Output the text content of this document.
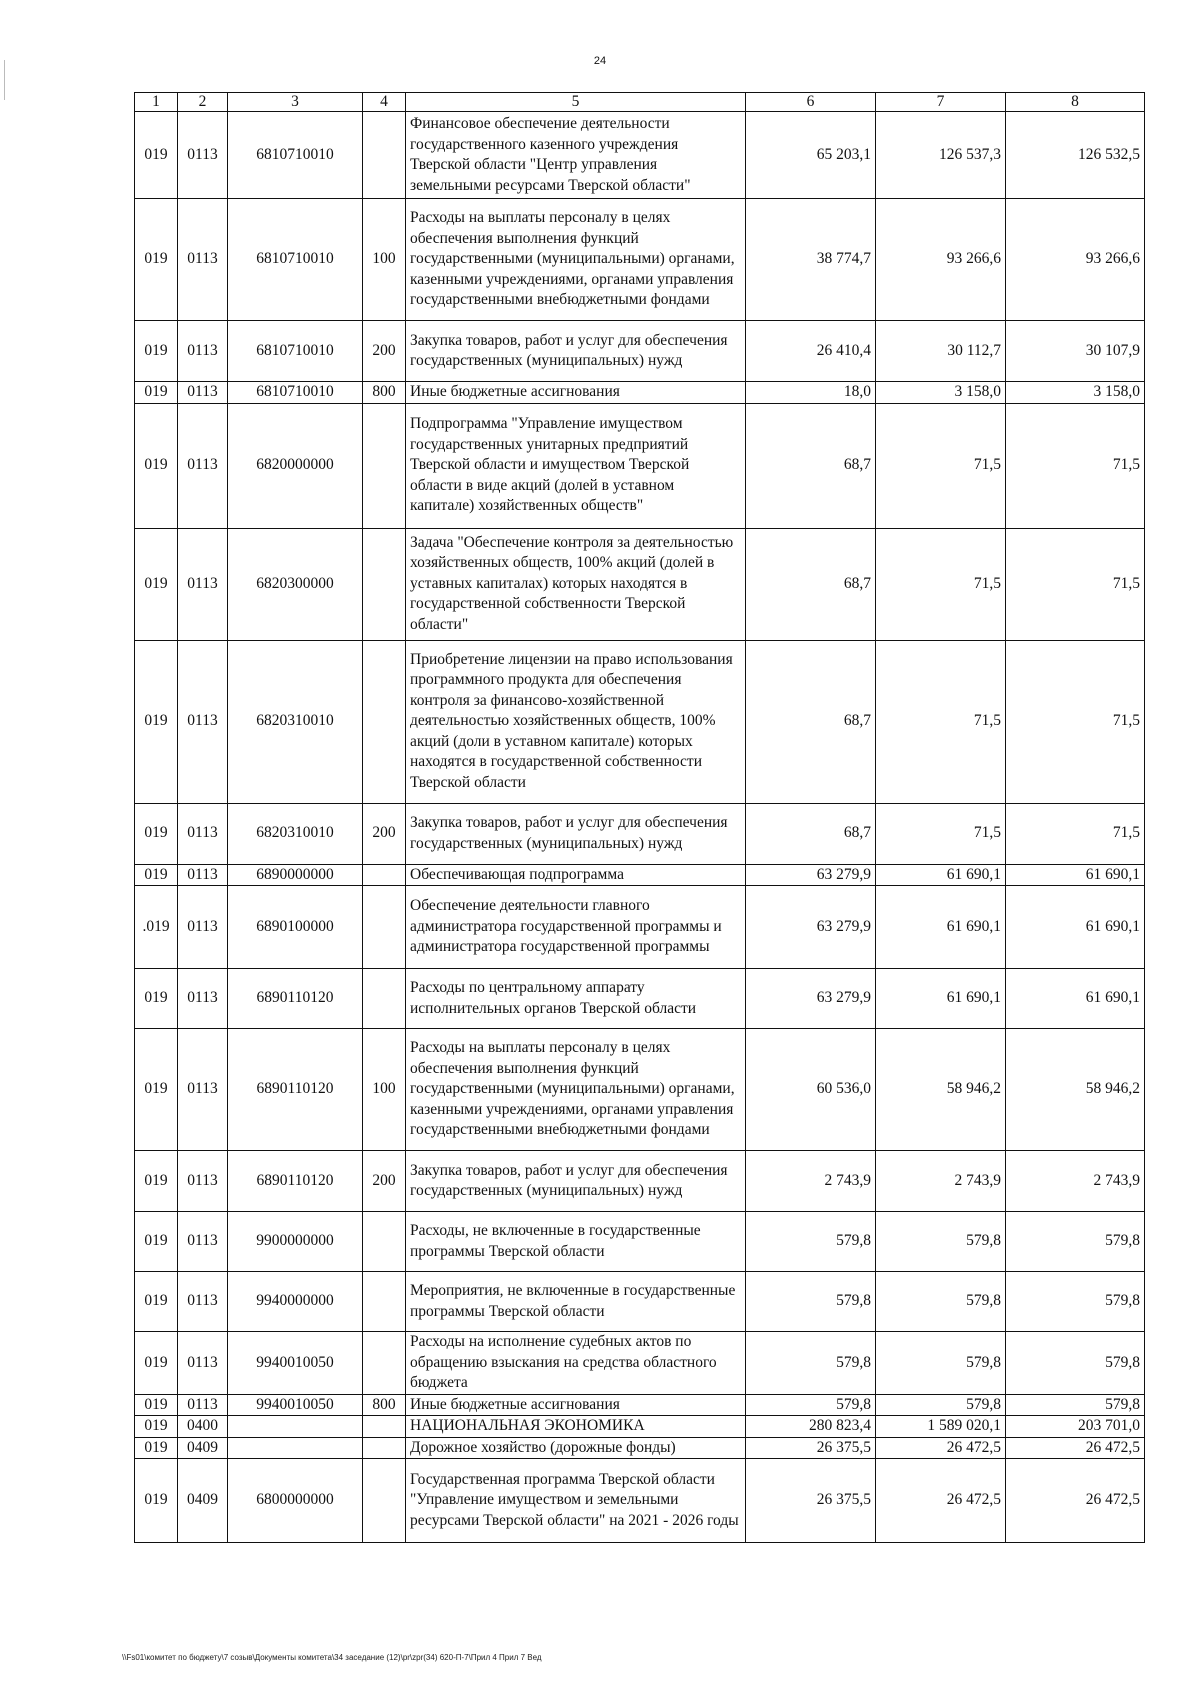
24
1	2	3	4	5	6	7	8
019	0113	6810710010		Финансовое обеспечение деятельности государственного казенного учреждения Тверской области "Центр управления земельными ресурсами Тверской области"	65 203,1	126 537,3	126 532,5
019	0113	6810710010	100	Расходы на выплаты персоналу в целях обеспечения выполнения функций государственными (муниципальными) органами, казенными учреждениями, органами управления государственными внебюджетными фондами	38 774,7	93 266,6	93 266,6
019	0113	6810710010	200	Закупка товаров, работ и услуг для обеспечения государственных (муниципальных) нужд	26 410,4	30 112,7	30 107,9
019	0113	6810710010	800	Иные бюджетные ассигнования	18,0	3 158,0	3 158,0
019	0113	6820000000		Подпрограмма "Управление имуществом государственных унитарных предприятий Тверской области и имуществом Тверской области в виде акций (долей в уставном капитале) хозяйственных обществ"	68,7	71,5	71,5
019	0113	6820300000		Задача "Обеспечение контроля за деятельностью хозяйственных обществ, 100% акций (долей в уставных капиталах) которых находятся в государственной собственности Тверской области"	68,7	71,5	71,5
019	0113	6820310010		Приобретение лицензии на право использования программного продукта для обеспечения контроля за финансово-хозяйственной деятельностью хозяйственных обществ, 100% акций (доли в уставном капитале) которых находятся в государственной собственности Тверской области	68,7	71,5	71,5
019	0113	6820310010	200	Закупка товаров, работ и услуг для обеспечения государственных (муниципальных) нужд	68,7	71,5	71,5
019	0113	6890000000		Обеспечивающая подпрограмма	63 279,9	61 690,1	61 690,1
.019	0113	6890100000		Обеспечение деятельности главного администратора государственной программы и администратора государственной программы	63 279,9	61 690,1	61 690,1
019	0113	6890110120		Расходы по центральному аппарату исполнительных органов Тверской области	63 279,9	61 690,1	61 690,1
019	0113	6890110120	100	Расходы на выплаты персоналу в целях обеспечения выполнения функций государственными (муниципальными) органами, казенными учреждениями, органами управления государственными внебюджетными фондами	60 536,0	58 946,2	58 946,2
019	0113	6890110120	200	Закупка товаров, работ и услуг для обеспечения государственных (муниципальных) нужд	2 743,9	2 743,9	2 743,9
019	0113	9900000000		Расходы, не включенные в государственные программы Тверской области	579,8	579,8	579,8
019	0113	9940000000		Мероприятия, не включенные в государственные программы Тверской области	579,8	579,8	579,8
019	0113	9940010050		Расходы на исполнение судебных актов по обращению взыскания на средства областного бюджета	579,8	579,8	579,8
019	0113	9940010050	800	Иные бюджетные ассигнования	579,8	579,8	579,8
019	0400			НАЦИОНАЛЬНАЯ ЭКОНОМИКА	280 823,4	1 589 020,1	203 701,0
019	0409			Дорожное хозяйство (дорожные фонды)	26 375,5	26 472,5	26 472,5
019	0409	6800000000		Государственная программа Тверской области "Управление имуществом и земельными ресурсами Тверской области" на 2021 - 2026 годы	26 375,5	26 472,5	26 472,5
\\Fs01\комитет по бюджету\7 созыв\Документы комитета\34 заседание (12)\pr\zpr(34) 620-П-7\Прил 4 Прил 7 Вед
